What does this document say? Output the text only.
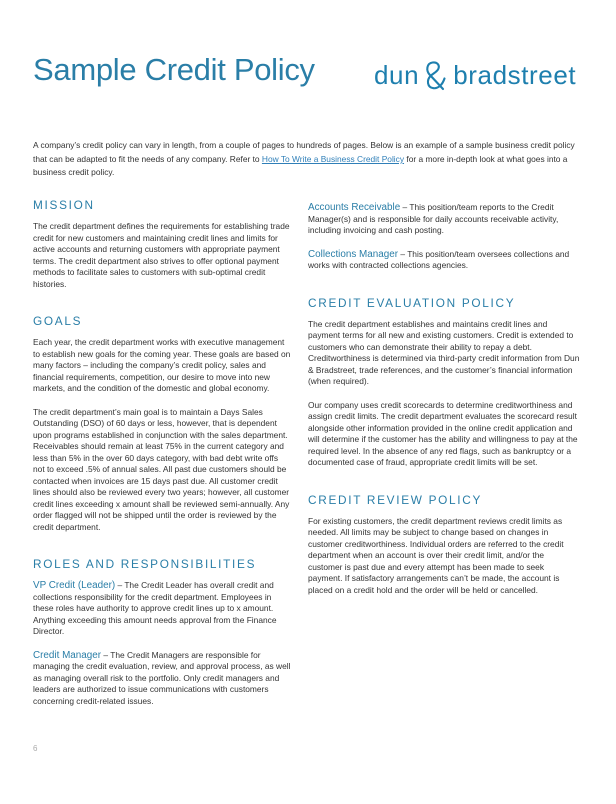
Sample Credit Policy dun bradstreet

A company’s credit policy can vary in length, from a couple of pages to hundreds of pages. Below is an example of a sample business credit policy that can be adapted to fit the needs of any company. Refer to How To Write a Business Credit Policy for a more in-depth look at what goes into a business credit policy.

MISSION

The credit department defines the requirements for establishing trade credit for new customers and maintaining credit lines and limits for active accounts and returning customers with appropriate payment terms. The credit department also strives to offer optional payment methods to facilitate sales to customers with sub-optimal credit histories.

GOALS

Each year, the credit department works with executive management to establish new goals for the coming year. These goals are based on many factors – including the company’s credit policy, sales and financial requirements, competition, our desire to move into new markets, and the condition of the domestic and global economy.

The credit department’s main goal is to maintain a Days Sales Outstanding (DSO) of 60 days or less, however, that is dependent upon programs established in conjunction with the sales department. Receivables should remain at least 75% in the current category and less than 5% in the over 60 days category, with bad debt write offs not to exceed .5% of annual sales. All past due customers should be contacted when invoices are 15 days past due. All customer credit lines should also be reviewed every two years; however, all customer credit lines exceeding x amount shall be reviewed semi-annually. Any order flagged will not be shipped until the order is reviewed by the credit department.

ROLES AND RESPONSIBILITIES

VP Credit (Leader) – The Credit Leader has overall credit and collections responsibility for the credit department. Employees in these roles have authority to approve credit lines up to x amount. Anything exceeding this amount needs approval from the Finance Director.

Credit Manager – The Credit Managers are responsible for managing the credit evaluation, review, and approval process, as well as managing overall risk to the portfolio. Only credit managers and leaders are authorized to issue communications with customers concerning credit-related issues.

Accounts Receivable – This position/team reports to the Credit Manager(s) and is responsible for daily accounts receivable activity, including invoicing and cash posting.

Collections Manager – This position/team oversees collections and works with contracted collections agencies.

CREDIT EVALUATION POLICY

The credit department establishes and maintains credit lines and payment terms for all new and existing customers. Credit is extended to customers who can demonstrate their ability to repay a debt. Creditworthiness is determined via third-party credit information from Dun & Bradstreet, trade references, and the customer’s financial information (when required).

Our company uses credit scorecards to determine creditworthiness and assign credit limits. The credit department evaluates the scorecard result alongside other information provided in the online credit application and will determine if the customer has the ability and willingness to pay at the required level. In the absence of any red flags, such as bankruptcy or a documented case of fraud, appropriate credit limits will be set.

CREDIT REVIEW POLICY

For existing customers, the credit department reviews credit limits as needed. All limits may be subject to change based on changes in customer creditworthiness. Individual orders are referred to the credit department when an account is over their credit limit, and/or the customer is past due and every attempt has been made to seek payment. If satisfactory arrangements can’t be made, the account is placed on a credit hold and the order will be held or cancelled.

6
